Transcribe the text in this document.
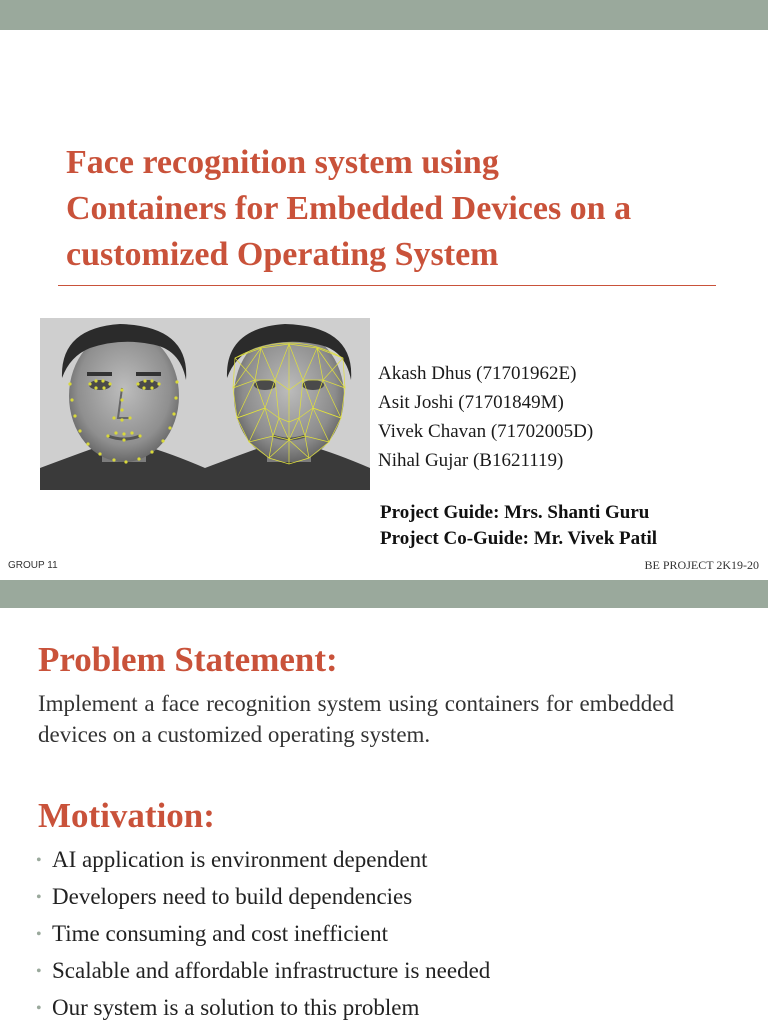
Face recognition system using
Containers for Embedded Devices on a
customized Operating System
Akash Dhus (71701962E)
Asit Joshi (71701849M)
Vivek Chavan (71702005D)
Nihal Gujar (B1621119)
Project Guide: Mrs. Shanti Guru
Project Co-Guide: Mr. Vivek Patil
GROUP 11	BE PROJECT 2K19-20
Problem Statement:

Implement a face recognition system using containers for embedded devices on a customized operating system.

Motivation:
• AI application is environment dependent
• Developers need to build dependencies
• Time consuming and cost inefficient
• Scalable and affordable infrastructure is needed
• Our system is a solution to this problem
